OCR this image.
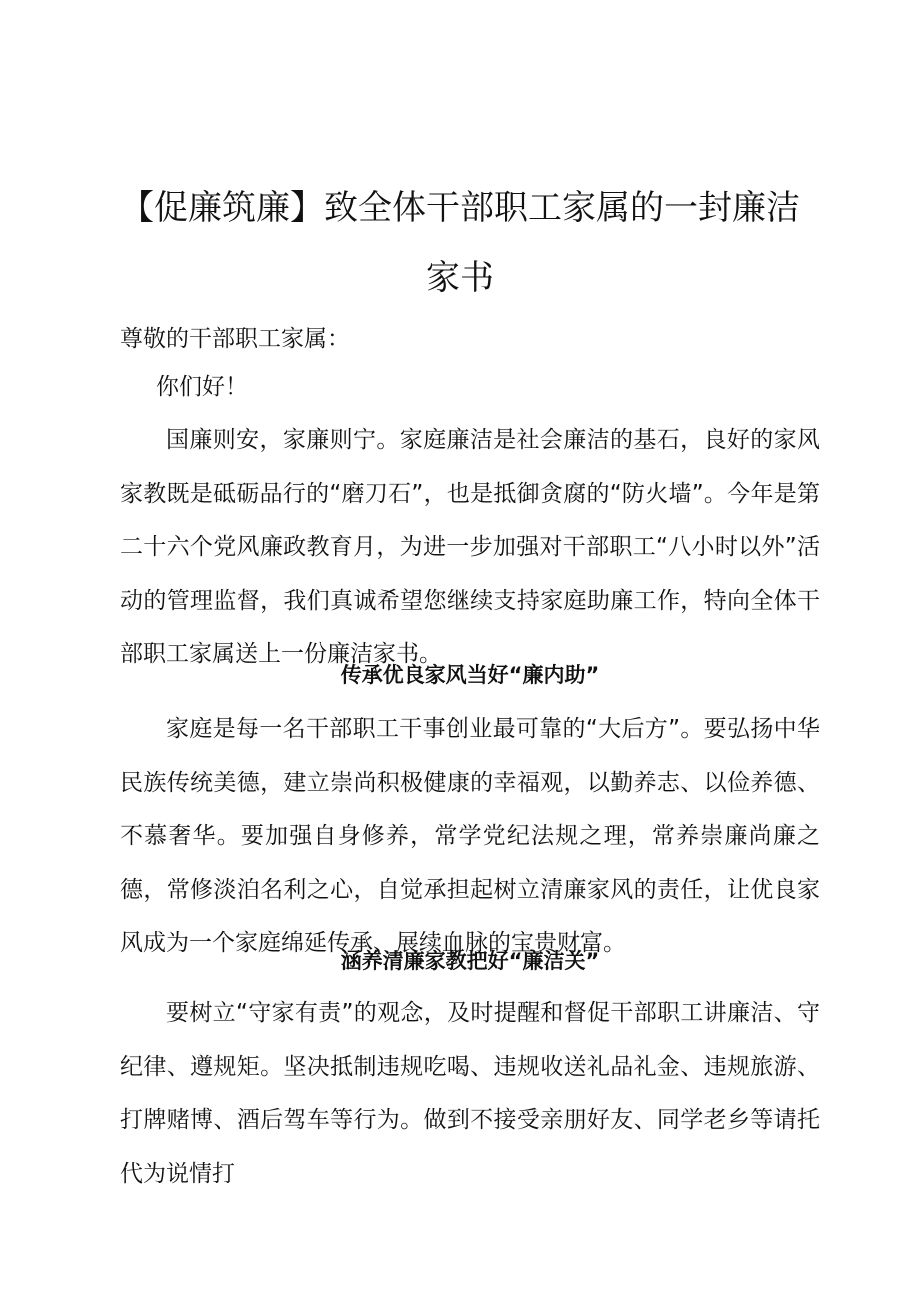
【促廉筑廉】致全体干部职工家属的一封廉洁
家书

尊敬的干部职工家属：

你们好！

国廉则安，家廉则宁。家庭廉洁是社会廉洁的基石，良好的家风家教既是砥砺品行的“磨刀石”，也是抵御贪腐的“防火墙”。今年是第二十六个党风廉政教育月，为进一步加强对干部职工“八小时以外”活动的管理监督，我们真诚希望您继续支持家庭助廉工作，特向全体干部职工家属送上一份廉洁家书。

传承优良家风当好“廉内助”

家庭是每一名干部职工干事创业最可靠的“大后方”。要弘扬中华民族传统美德，建立崇尚积极健康的幸福观，以勤养志、以俭养德、不慕奢华。要加强自身修养，常学党纪法规之理，常养崇廉尚廉之德，常修淡泊名利之心，自觉承担起树立清廉家风的责任，让优良家风成为一个家庭绵延传承、展续血脉的宝贵财富。

涵养清廉家教把好“廉洁关”

要树立“守家有责”的观念，及时提醒和督促干部职工讲廉洁、守纪律、遵规矩。坚决抵制违规吃喝、违规收送礼品礼金、违规旅游、打牌赌博、酒后驾车等行为。做到不接受亲朋好友、同学老乡等请托代为说情打
